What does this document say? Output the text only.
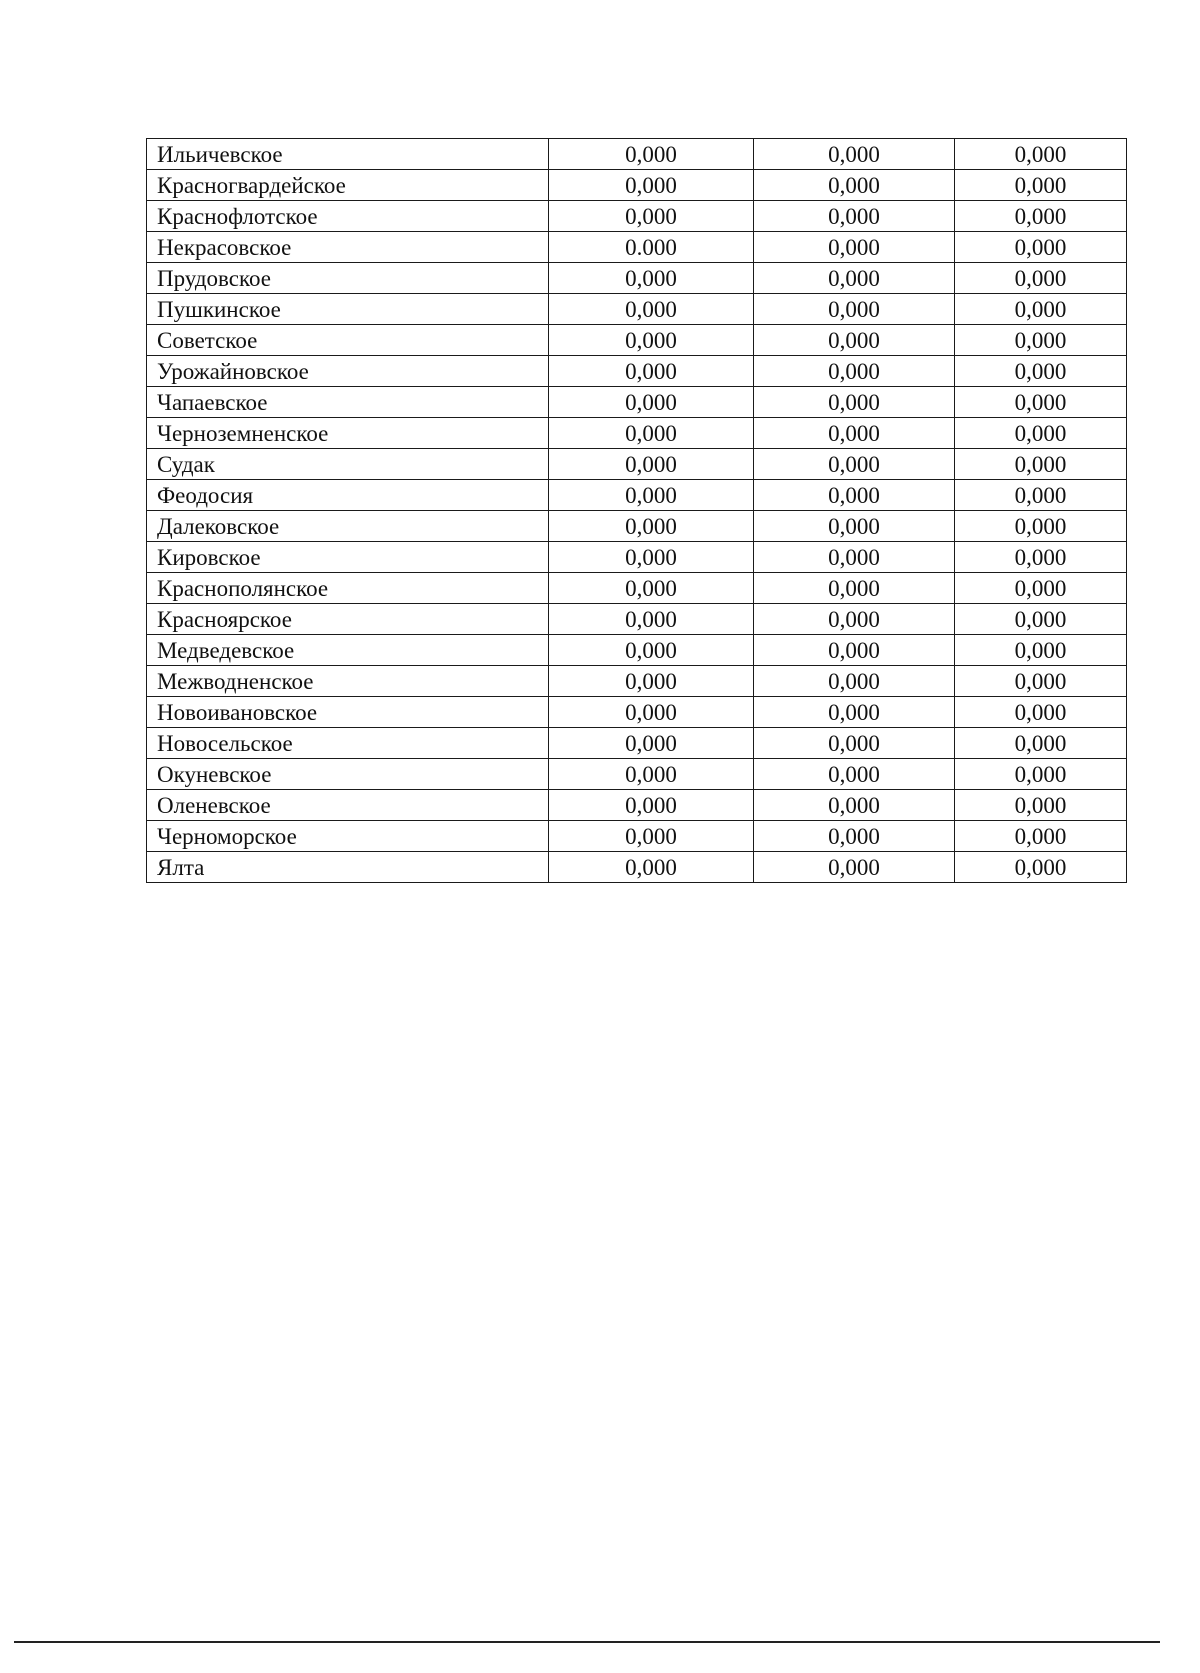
Ильичевское	0,000	0,000	0,000
Красногвардейское	0,000	0,000	0,000
Краснофлотское	0,000	0,000	0,000
Некрасовское	0.000	0,000	0,000
Прудовское	0,000	0,000	0,000
Пушкинское	0,000	0,000	0,000
Советское	0,000	0,000	0,000
Урожайновское	0,000	0,000	0,000
Чапаевское	0,000	0,000	0,000
Черноземненское	0,000	0,000	0,000
Судак	0,000	0,000	0,000
Феодосия	0,000	0,000	0,000
Далековское	0,000	0,000	0,000
Кировское	0,000	0,000	0,000
Краснополянское	0,000	0,000	0,000
Красноярское	0,000	0,000	0,000
Медведевское	0,000	0,000	0,000
Межводненское	0,000	0,000	0,000
Новоивановское	0,000	0,000	0,000
Новосельское	0,000	0,000	0,000
Окуневское	0,000	0,000	0,000
Оленевское	0,000	0,000	0,000
Черноморское	0,000	0,000	0,000
Ялта	0,000	0,000	0,000
